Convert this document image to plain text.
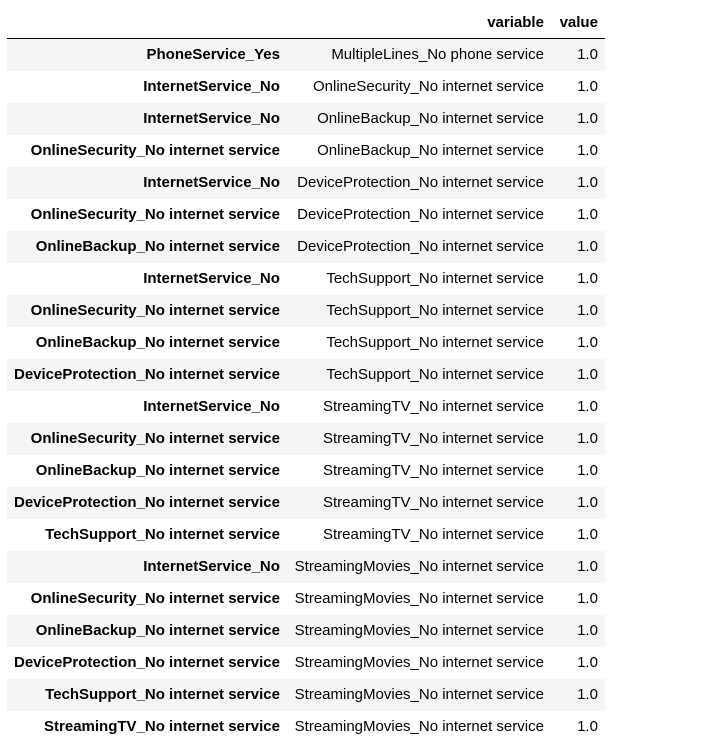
	variable	value
PhoneService_Yes	MultipleLines_No phone service	1.0
InternetService_No	OnlineSecurity_No internet service	1.0
InternetService_No	OnlineBackup_No internet service	1.0
OnlineSecurity_No internet service	OnlineBackup_No internet service	1.0
InternetService_No	DeviceProtection_No internet service	1.0
OnlineSecurity_No internet service	DeviceProtection_No internet service	1.0
OnlineBackup_No internet service	DeviceProtection_No internet service	1.0
InternetService_No	TechSupport_No internet service	1.0
OnlineSecurity_No internet service	TechSupport_No internet service	1.0
OnlineBackup_No internet service	TechSupport_No internet service	1.0
DeviceProtection_No internet service	TechSupport_No internet service	1.0
InternetService_No	StreamingTV_No internet service	1.0
OnlineSecurity_No internet service	StreamingTV_No internet service	1.0
OnlineBackup_No internet service	StreamingTV_No internet service	1.0
DeviceProtection_No internet service	StreamingTV_No internet service	1.0
TechSupport_No internet service	StreamingTV_No internet service	1.0
InternetService_No	StreamingMovies_No internet service	1.0
OnlineSecurity_No internet service	StreamingMovies_No internet service	1.0
OnlineBackup_No internet service	StreamingMovies_No internet service	1.0
DeviceProtection_No internet service	StreamingMovies_No internet service	1.0
TechSupport_No internet service	StreamingMovies_No internet service	1.0
StreamingTV_No internet service	StreamingMovies_No internet service	1.0
